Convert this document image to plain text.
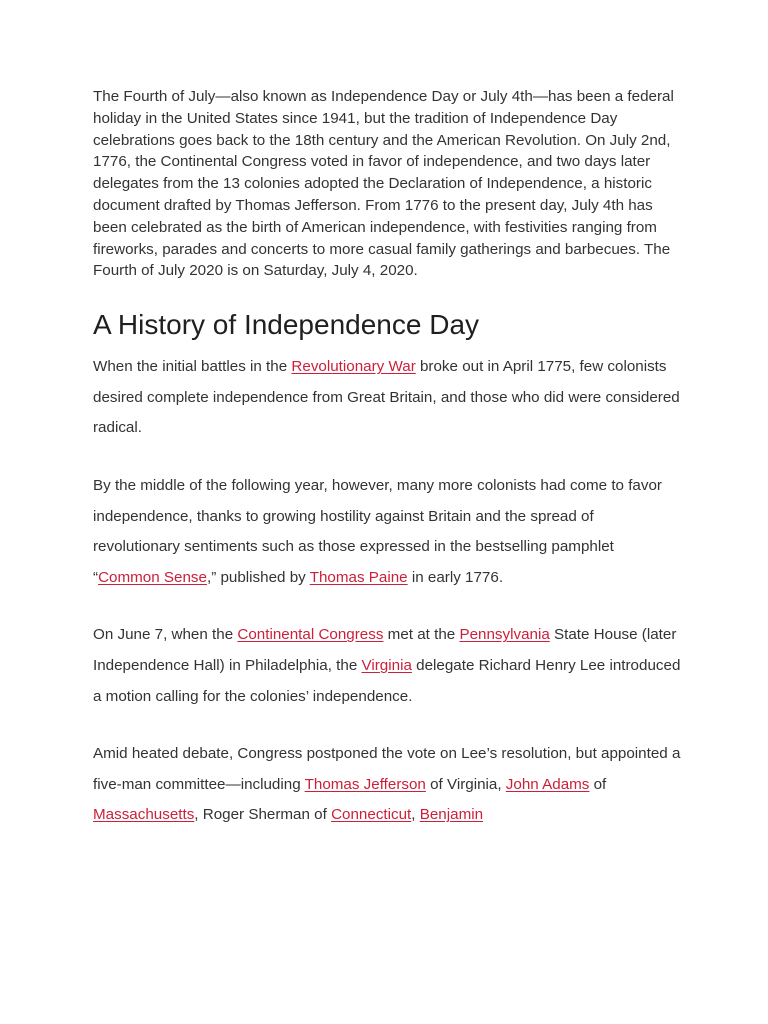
The Fourth of July—also known as Independence Day or July 4th—has been a federal holiday in the United States since 1941, but the tradition of Independence Day celebrations goes back to the 18th century and the American Revolution. On July 2nd, 1776, the Continental Congress voted in favor of independence, and two days later delegates from the 13 colonies adopted the Declaration of Independence, a historic document drafted by Thomas Jefferson. From 1776 to the present day, July 4th has been celebrated as the birth of American independence, with festivities ranging from fireworks, parades and concerts to more casual family gatherings and barbecues. The Fourth of July 2020 is on Saturday, July 4, 2020.

A History of Independence Day

When the initial battles in the Revolutionary War broke out in April 1775, few colonists desired complete independence from Great Britain, and those who did were considered radical.

By the middle of the following year, however, many more colonists had come to favor independence, thanks to growing hostility against Britain and the spread of revolutionary sentiments such as those expressed in the bestselling pamphlet “Common Sense,” published by Thomas Paine in early 1776.

On June 7, when the Continental Congress met at the Pennsylvania State House (later Independence Hall) in Philadelphia, the Virginia delegate Richard Henry Lee introduced a motion calling for the colonies’ independence.

Amid heated debate, Congress postponed the vote on Lee’s resolution, but appointed a five-man committee—including Thomas Jefferson of Virginia, John Adams of Massachusetts, Roger Sherman of Connecticut, Benjamin
